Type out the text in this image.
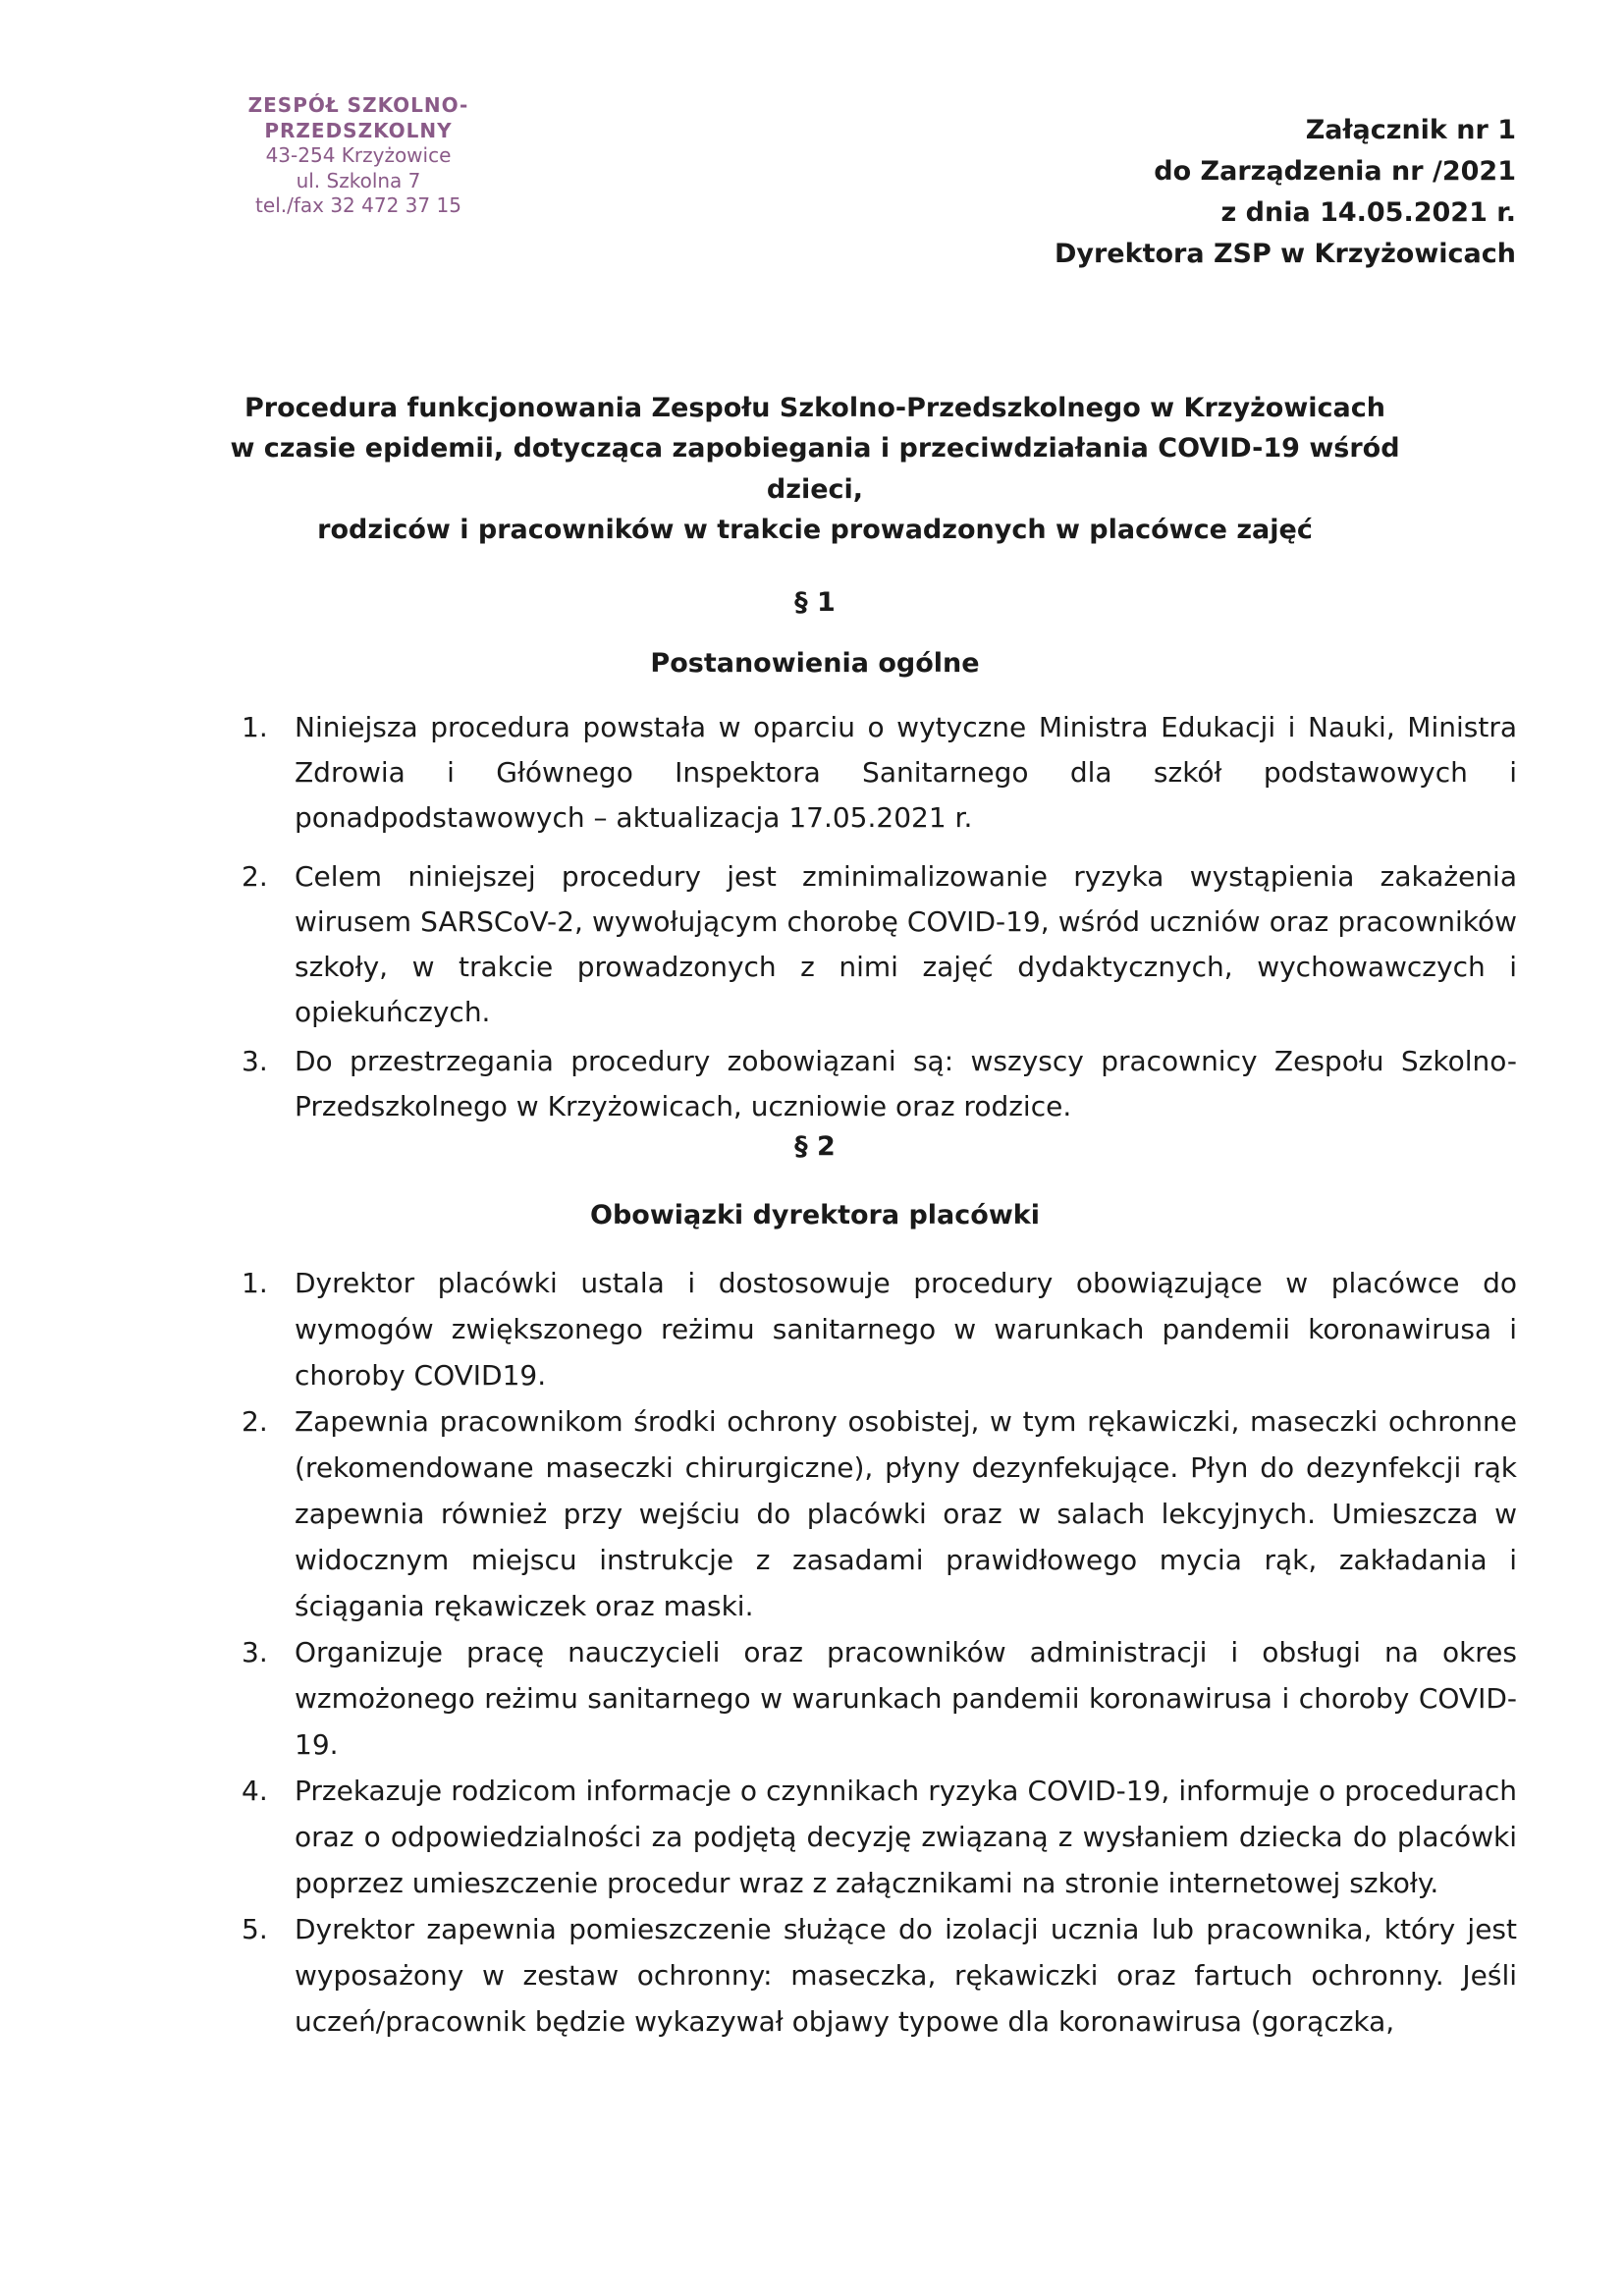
ZESPÓŁ SZKOLNO-PRZEDSZKOLNY
43-254 Krzyżowice
ul. Szkolna 7
tel./fax 32 472 37 15
Załącznik nr 1
do Zarządzenia nr /2021
z dnia 14.05.2021 r.
Dyrektora ZSP w Krzyżowicach
Procedura funkcjonowania Zespołu Szkolno-Przedszkolnego w Krzyżowicach
w czasie epidemii, dotycząca zapobiegania i przeciwdziałania COVID-19 wśród dzieci,
rodziców i pracowników w trakcie prowadzonych w placówce zajęć
§ 1
Postanowienia ogólne
1. Niniejsza procedura powstała w oparciu o wytyczne Ministra Edukacji i Nauki, Ministra Zdrowia i Głównego Inspektora Sanitarnego dla szkół podstawowych i ponadpodstawowych – aktualizacja 17.05.2021 r.
2. Celem niniejszej procedury jest zminimalizowanie ryzyka wystąpienia zakażenia wirusem SARSCoV-2, wywołującym chorobę COVID-19, wśród uczniów oraz pracowników szkoły, w trakcie prowadzonych z nimi zajęć dydaktycznych, wychowawczych i opiekuńczych.
3. Do przestrzegania procedury zobowiązani są: wszyscy pracownicy Zespołu Szkolno-Przedszkolnego w Krzyżowicach, uczniowie oraz rodzice.
§ 2
Obowiązki dyrektora placówki
1. Dyrektor placówki ustala i dostosowuje procedury obowiązujące w placówce do wymogów zwiększonego reżimu sanitarnego w warunkach pandemii koronawirusa i choroby COVID19.
2. Zapewnia pracownikom środki ochrony osobistej, w tym rękawiczki, maseczki ochronne (rekomendowane maseczki chirurgiczne), płyny dezynfekujące. Płyn do dezynfekcji rąk zapewnia również przy wejściu do placówki oraz w salach lekcyjnych. Umieszcza w widocznym miejscu instrukcje z zasadami prawidłowego mycia rąk, zakładania i ściągania rękawiczek oraz maski.
3. Organizuje pracę nauczycieli oraz pracowników administracji i obsługi na okres wzmożonego reżimu sanitarnego w warunkach pandemii koronawirusa i choroby COVID-19.
4. Przekazuje rodzicom informacje o czynnikach ryzyka COVID-19, informuje o procedurach oraz o odpowiedzialności za podjętą decyzję związaną z wysłaniem dziecka do placówki poprzez umieszczenie procedur wraz z załącznikami na stronie internetowej szkoły.
5. Dyrektor zapewnia pomieszczenie służące do izolacji ucznia lub pracownika, który jest wyposażony w zestaw ochronny: maseczka, rękawiczki oraz fartuch ochronny. Jeśli uczeń/pracownik będzie wykazywał objawy typowe dla koronawirusa (gorączka,
